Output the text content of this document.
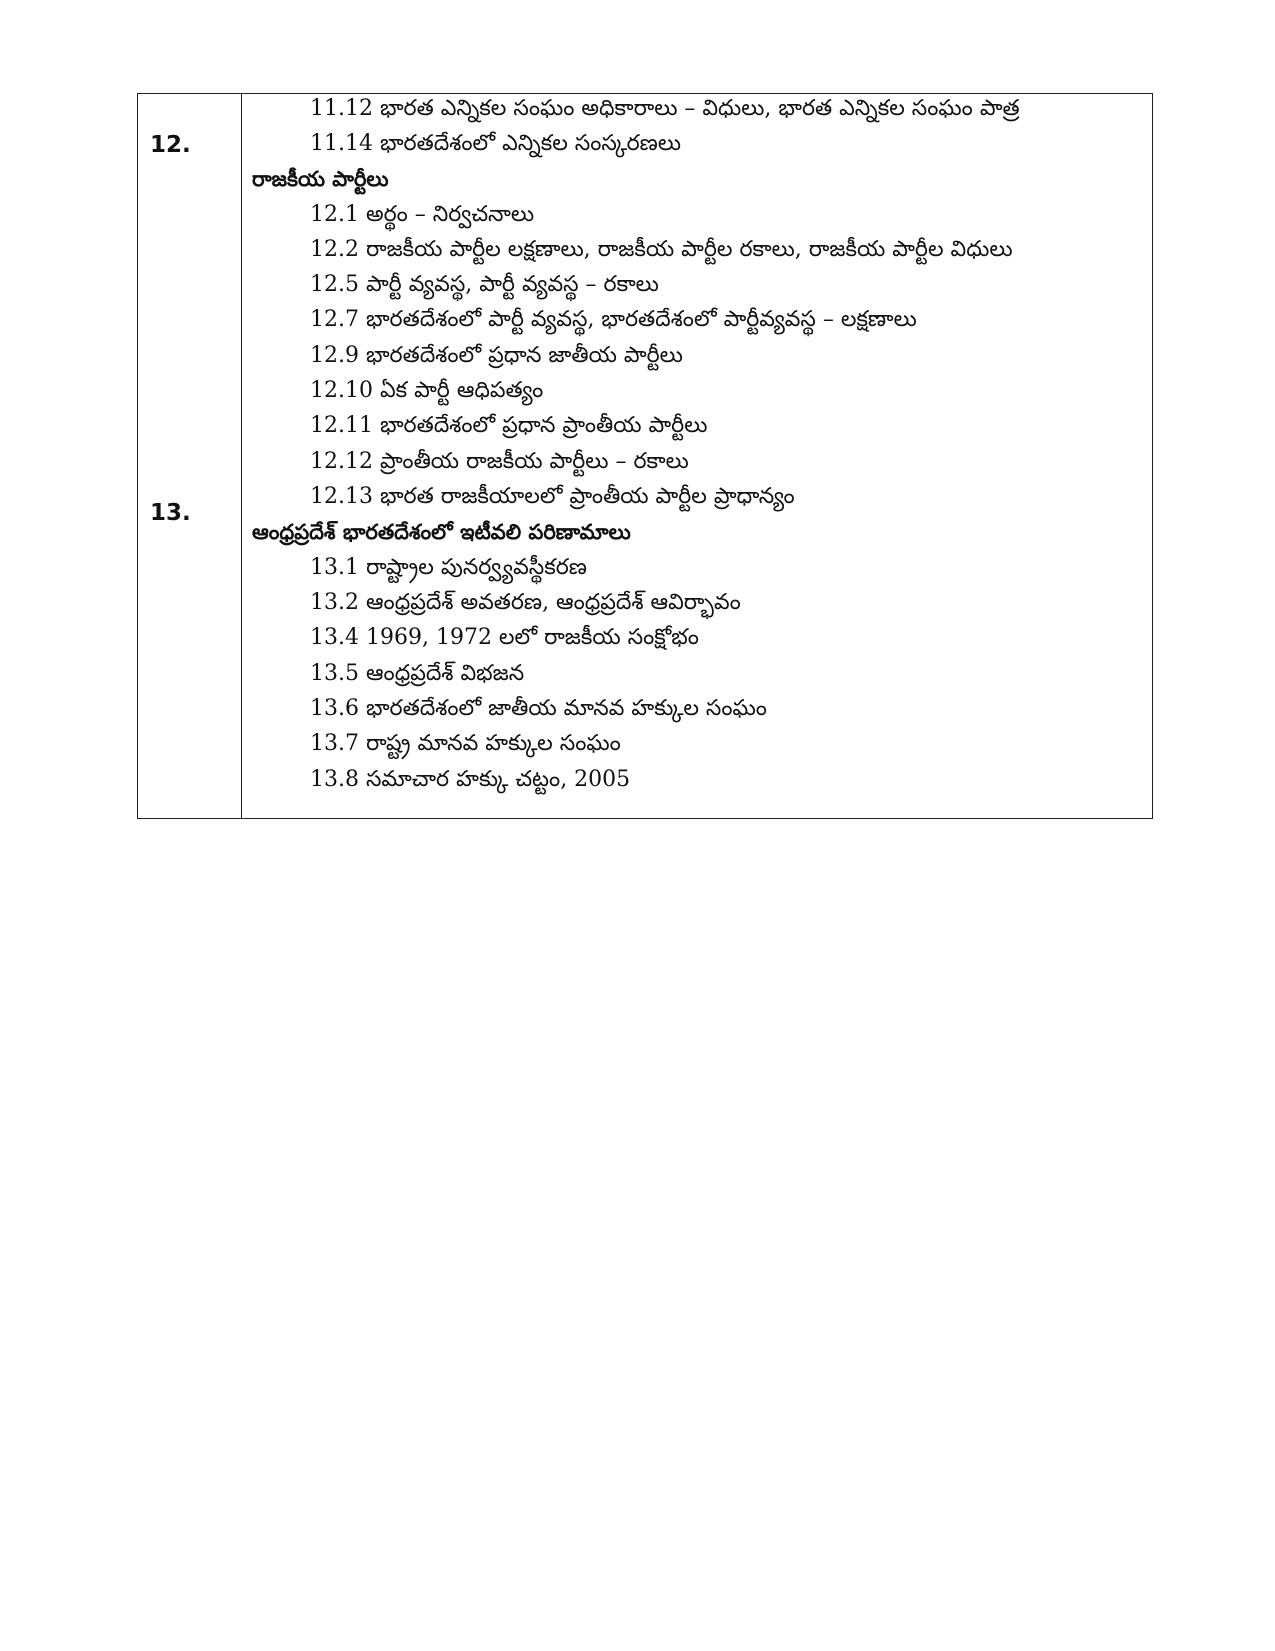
12.
13.
11.12 భారత ఎన్నికల సంఘం అధికారాలు – విధులు, భారత ఎన్నికల సంఘం పాత్ర
11.14 భారతదేశంలో ఎన్నికల సంస్కరణలు
రాజకీయ పార్టీలు
12.1 అర్థం – నిర్వచనాలు
12.2 రాజకీయ పార్టీల లక్షణాలు, రాజకీయ పార్టీల రకాలు, రాజకీయ పార్టీల విధులు
12.5 పార్టీ వ్యవస్థ, పార్టీ వ్యవస్థ – రకాలు
12.7 భారతదేశంలో పార్టీ వ్యవస్థ, భారతదేశంలో పార్టీవ్యవస్థ – లక్షణాలు
12.9 భారతదేశంలో ప్రధాన జాతీయ పార్టీలు
12.10 ఏక పార్టీ ఆధిపత్యం
12.11 భారతదేశంలో ప్రధాన ప్రాంతీయ పార్టీలు
12.12 ప్రాంతీయ రాజకీయ పార్టీలు – రకాలు
12.13 భారత రాజకీయాలలో ప్రాంతీయ పార్టీల ప్రాధాన్యం
ఆంధ్రప్రదేశ్ భారతదేశంలో ఇటీవలి పరిణామాలు
13.1 రాష్ట్రాల పునర్వ్యవస్థీకరణ
13.2 ఆంధ్రప్రదేశ్ అవతరణ, ఆంధ్రప్రదేశ్ ఆవిర్భావం
13.4 1969, 1972 లలో రాజకీయ సంక్షోభం
13.5 ఆంధ్రప్రదేశ్ విభజన
13.6 భారతదేశంలో జాతీయ మానవ హక్కుల సంఘం
13.7 రాష్ట్ర మానవ హక్కుల సంఘం
13.8 సమాచార హక్కు చట్టం, 2005
